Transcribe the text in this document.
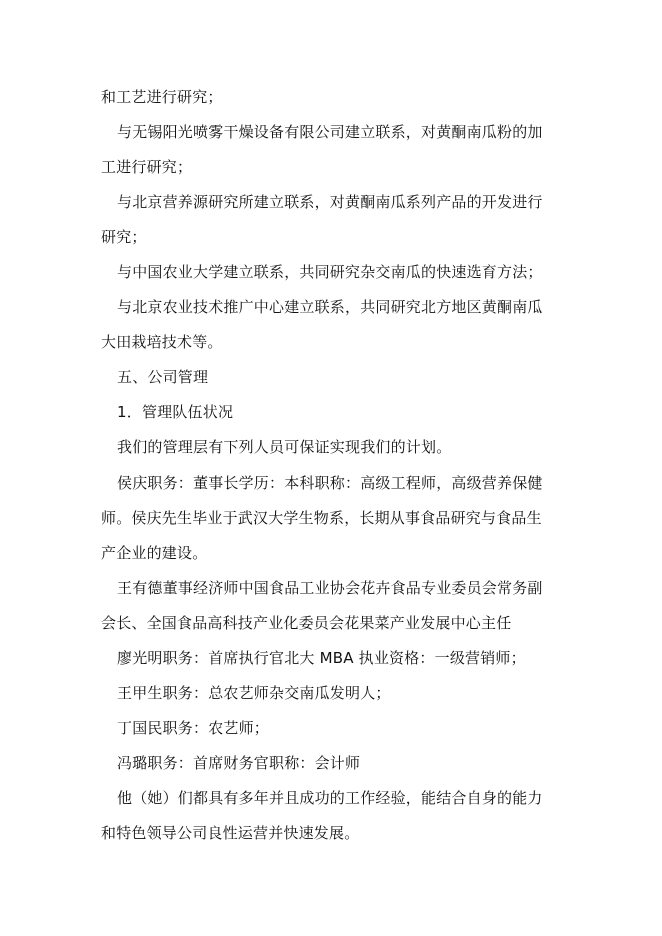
和工艺进行研究；
与无锡阳光喷雾干燥设备有限公司建立联系，对黄酮南瓜粉的加
工进行研究；
与北京营养源研究所建立联系，对黄酮南瓜系列产品的开发进行
研究；
与中国农业大学建立联系，共同研究杂交南瓜的快速选育方法；
与北京农业技术推广中心建立联系，共同研究北方地区黄酮南瓜
大田栽培技术等。
五、公司管理
1．管理队伍状况
我们的管理层有下列人员可保证实现我们的计划。
侯庆职务：董事长学历：本科职称：高级工程师，高级营养保健
师。侯庆先生毕业于武汉大学生物系，长期从事食品研究与食品生
产企业的建设。
王有德董事经济师中国食品工业协会花卉食品专业委员会常务副
会长、全国食品高科技产业化委员会花果菜产业发展中心主任
廖光明职务：首席执行官北大 MBA 执业资格：一级营销师；
王甲生职务：总农艺师杂交南瓜发明人；
丁国民职务：农艺师；
冯璐职务：首席财务官职称：会计师
他（她）们都具有多年并且成功的工作经验，能结合自身的能力
和特色领导公司良性运营并快速发展。
